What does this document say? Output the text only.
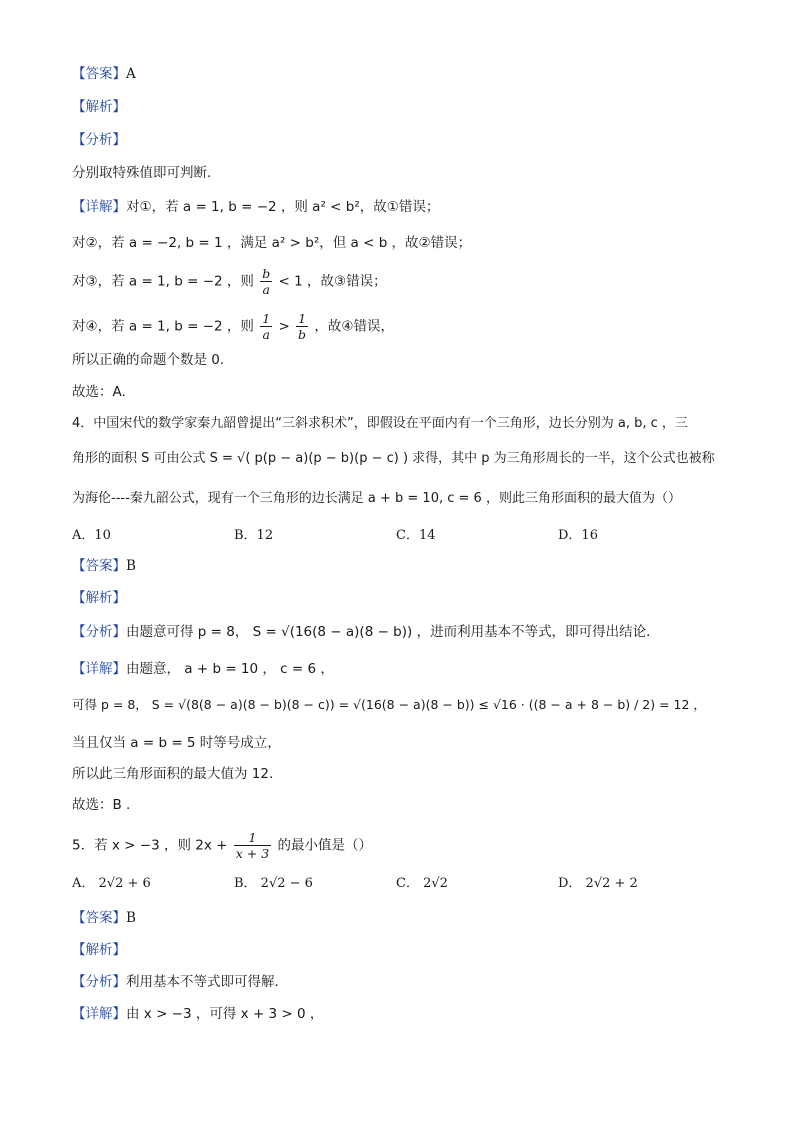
【答案】A
【解析】
【分析】
分别取特殊值即可判断.
【详解】对①，若 a = 1, b = −2 ，则 a² < b²，故①错误；
对②，若 a = −2, b = 1 ，满足 a² > b²，但 a < b ，故②错误；
对③，若 a = 1, b = −2 ，则 $\frac{b}{a} < 1$ ，故③错误；
对④，若 a = 1, b = −2 ，则 $\frac{1}{a} > \frac{1}{b}$ ，故④错误，
所以正确的命题个数是 0.
故选：A.
4．中国宋代的数学家秦九韶曾提出“三斜求积术”，即假设在平面内有一个三角形，边长分别为 a, b, c ，三
角形的面积 S 可由公式 S = √( p(p − a)(p − b)(p − c) ) 求得，其中 p 为三角形周长的一半，这个公式也被称
为海伦----秦九韶公式，现有一个三角形的边长满足 a + b = 10, c = 6 ，则此三角形面积的最大值为（）
A．10	B．12	C．14	D．16
【答案】B
【解析】
【分析】由题意可得 p = 8， S = √(16(8 − a)(8 − b)) ，进而利用基本不等式，即可得出结论．
【详解】由题意， a + b = 10 ， c = 6 ，
可得 p = 8， S = √(8(8 − a)(8 − b)(8 − c)) = √(16(8 − a)(8 − b)) ≤ √16 · ((8 − a + 8 − b) / 2) = 12 ，
当且仅当 a = b = 5 时等号成立，
所以此三角形面积的最大值为 12.
故选：B .
5．若 x > −3 ，则 $2x + \frac{1}{x + 3}$ 的最小值是（）
A． 2√2 + 6	B． 2√2 − 6	C． 2√2	D． 2√2 + 2
【答案】B
【解析】
【分析】利用基本不等式即可得解．
【详解】由 x > −3 ，可得 x + 3 > 0 ，
